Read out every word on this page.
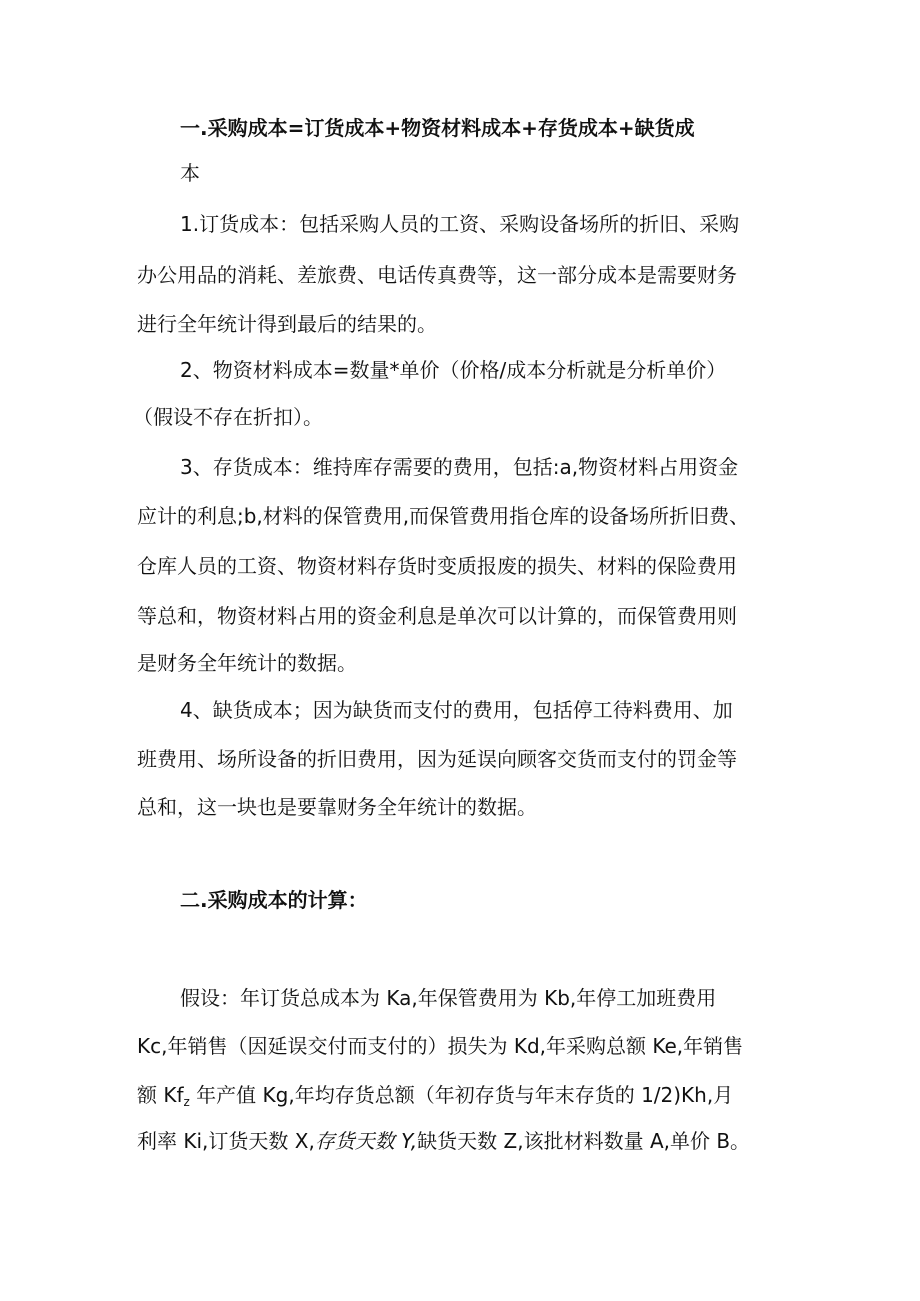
一.采购成本=订货成本+物资材料成本+存货成本+缺货成
本
1.订货成本：包括采购人员的工资、采购设备场所的折旧、采购
办公用品的消耗、差旅费、电话传真费等，这一部分成本是需要财务
进行全年统计得到最后的结果的。
2、物资材料成本=数量*单价（价格/成本分析就是分析单价）
（假设不存在折扣）。
3、存货成本：维持库存需要的费用，包括:a,物资材料占用资金
应计的利息;b,材料的保管费用,而保管费用指仓库的设备场所折旧费、
仓库人员的工资、物资材料存货时变质报废的损失、材料的保险费用
等总和，物资材料占用的资金利息是单次可以计算的，而保管费用则
是财务全年统计的数据。
4、缺货成本；因为缺货而支付的费用，包括停工待料费用、加
班费用、场所设备的折旧费用，因为延误向顾客交货而支付的罚金等
总和，这一块也是要靠财务全年统计的数据。
二.采购成本的计算：
假设：年订货总成本为 Ka,年保管费用为 Kb,年停工加班费用
Kc,年销售（因延误交付而支付的）损失为 Kd,年采购总额 Ke,年销售
额 $Kf_z$ 年产值 Kg,年均存货总额（年初存货与年末存货的 1/2)Kh,月
利率 Ki,订货天数 X,存货天数 Y,缺货天数 Z,该批材料数量 A,单价 B。
